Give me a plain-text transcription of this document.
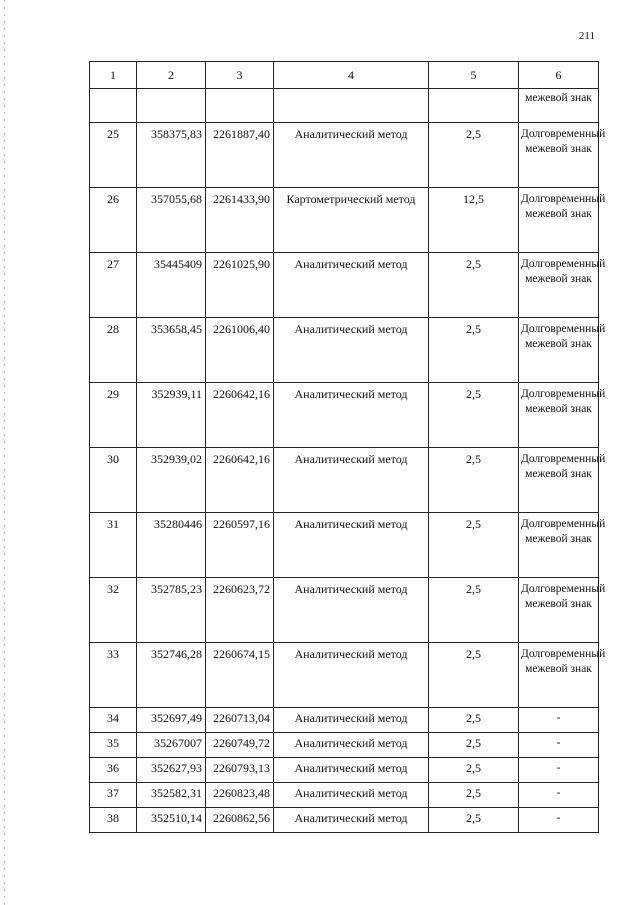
211
1	2	3	4	5	6
					межевой знак
25	358375,83	2261887,40	Аналитический метод	2,5	Долговременный межевой знак
26	357055,68	2261433,90	Картометрический метод	12,5	Долговременный межевой знак
27	35445409	2261025,90	Аналитический метод	2,5	Долговременный межевой знак
28	353658,45	2261006,40	Аналитический метод	2,5	Долговременный межевой знак
29	352939,11	2260642,16	Аналитический метод	2,5	Долговременный межевой знак
30	352939,02	2260642,16	Аналитический метод	2,5	Долговременный межевой знак
31	35280446	2260597,16	Аналитический метод	2,5	Долговременный межевой знак
32	352785,23	2260623,72	Аналитический метод	2,5	Долговременный межевой знак
33	352746,28	2260674,15	Аналитический метод	2,5	Долговременный межевой знак
34	352697,49	2260713,04	Аналитический метод	2,5	-
35	35267007	2260749,72	Аналитический метод	2,5	-
36	352627,93	2260793,13	Аналитический метод	2,5	-
37	352582,31	2260823,48	Аналитический метод	2,5	-
38	352510,14	2260862,56	Аналитический метод	2,5	-
